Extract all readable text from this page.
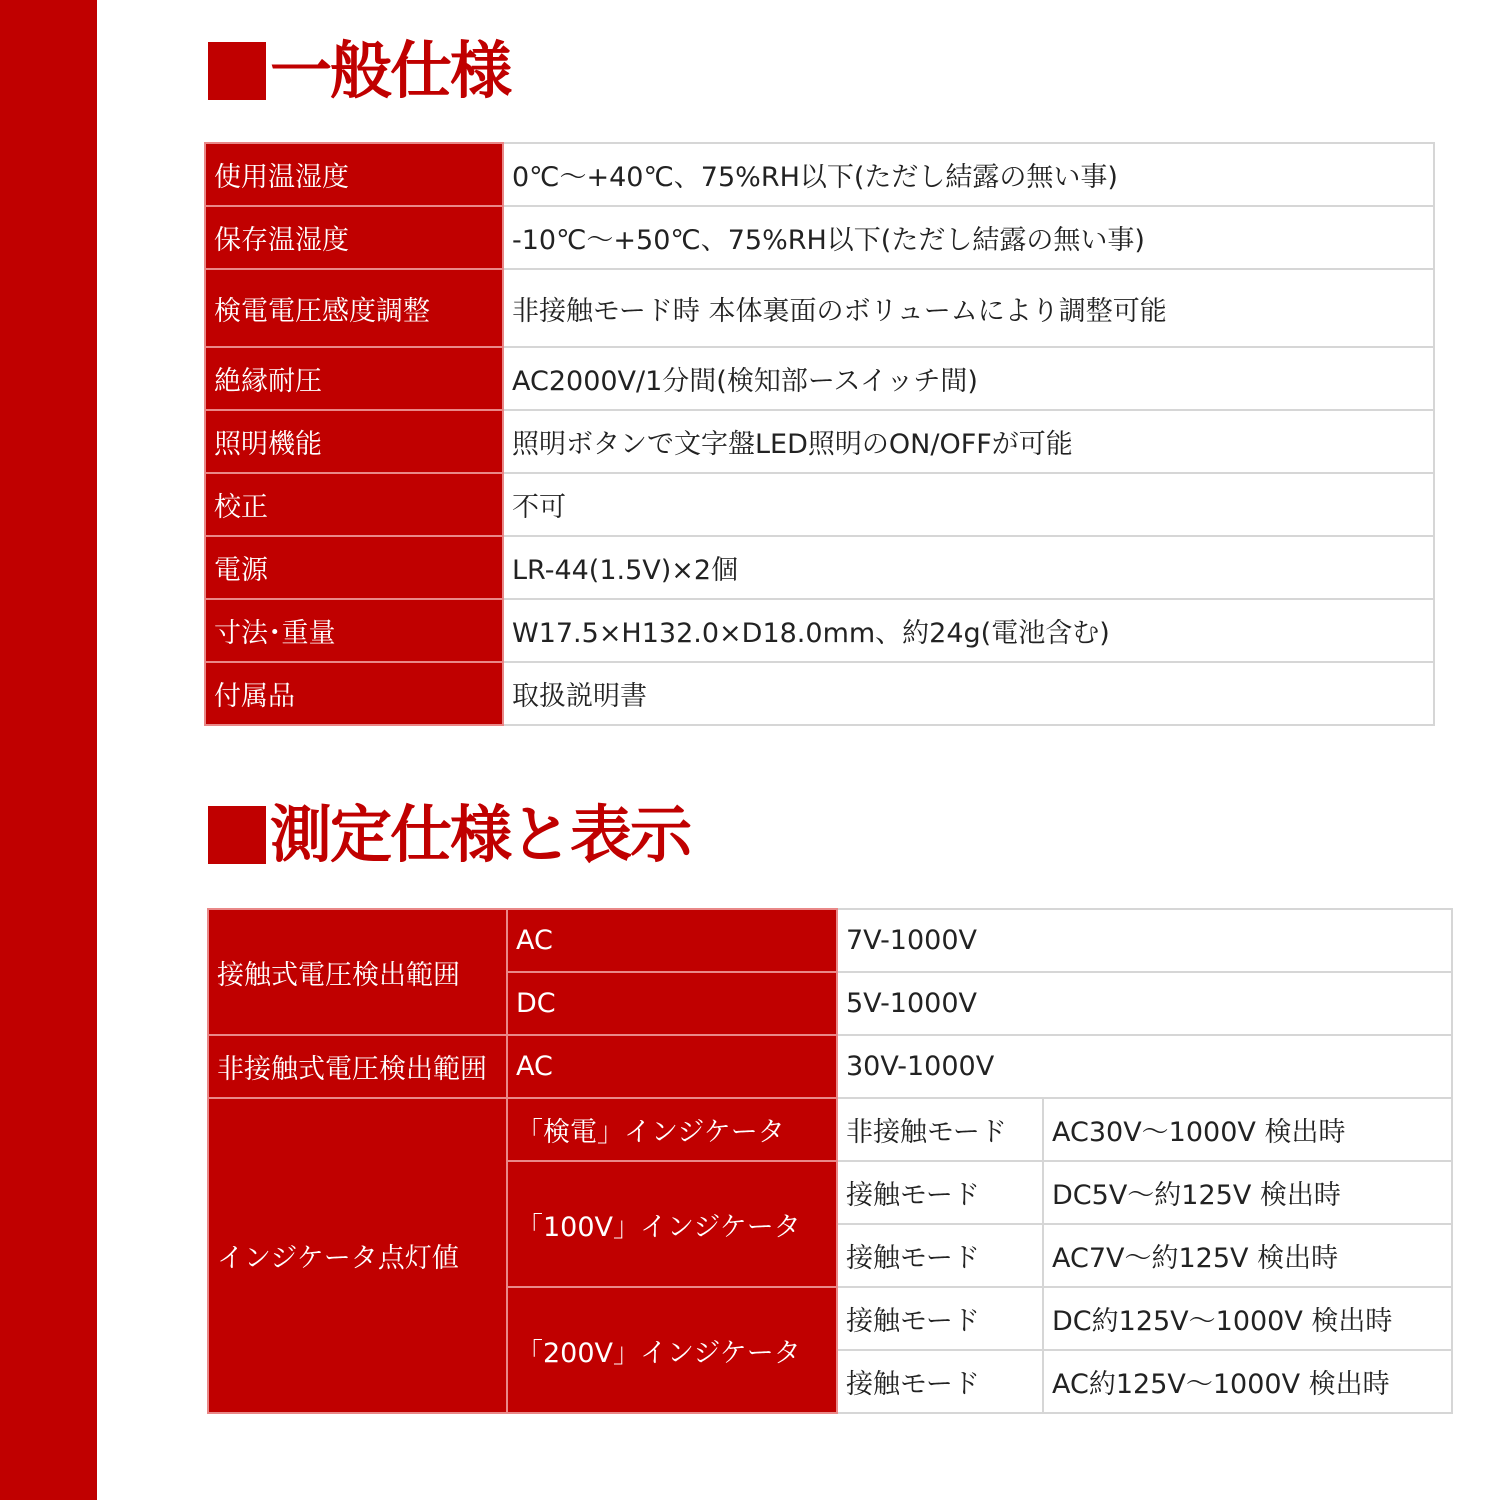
一般仕様
使用温湿度	0℃〜+40℃、75%RH以下(ただし結露の無い事)
保存温湿度	-10℃〜+50℃、75%RH以下(ただし結露の無い事)
検電電圧感度調整	非接触モード時 本体裏面のボリュームにより調整可能
絶縁耐圧	AC2000V/1分間(検知部ースイッチ間)
照明機能	照明ボタンで文字盤LED照明のON/OFFが可能
校正	不可
電源	LR-44(1.5V)×2個
寸法･重量	W17.5×H132.0×D18.0mm、約24g(電池含む)
付属品	取扱説明書
測定仕様と表示
接触式電圧検出範囲	AC	7V-1000V	
	DC	5V-1000V	
非接触式電圧検出範囲	AC	30V-1000V	
インジケータ点灯値	「検電」インジケータ	非接触モード	AC30V〜1000V 検出時
	「100V」インジケータ	接触モード	DC5V〜約125V 検出時
		接触モード	AC7V〜約125V 検出時
	「200V」インジケータ	接触モード	DC約125V〜1000V 検出時
		接触モード	AC約125V〜1000V 検出時
